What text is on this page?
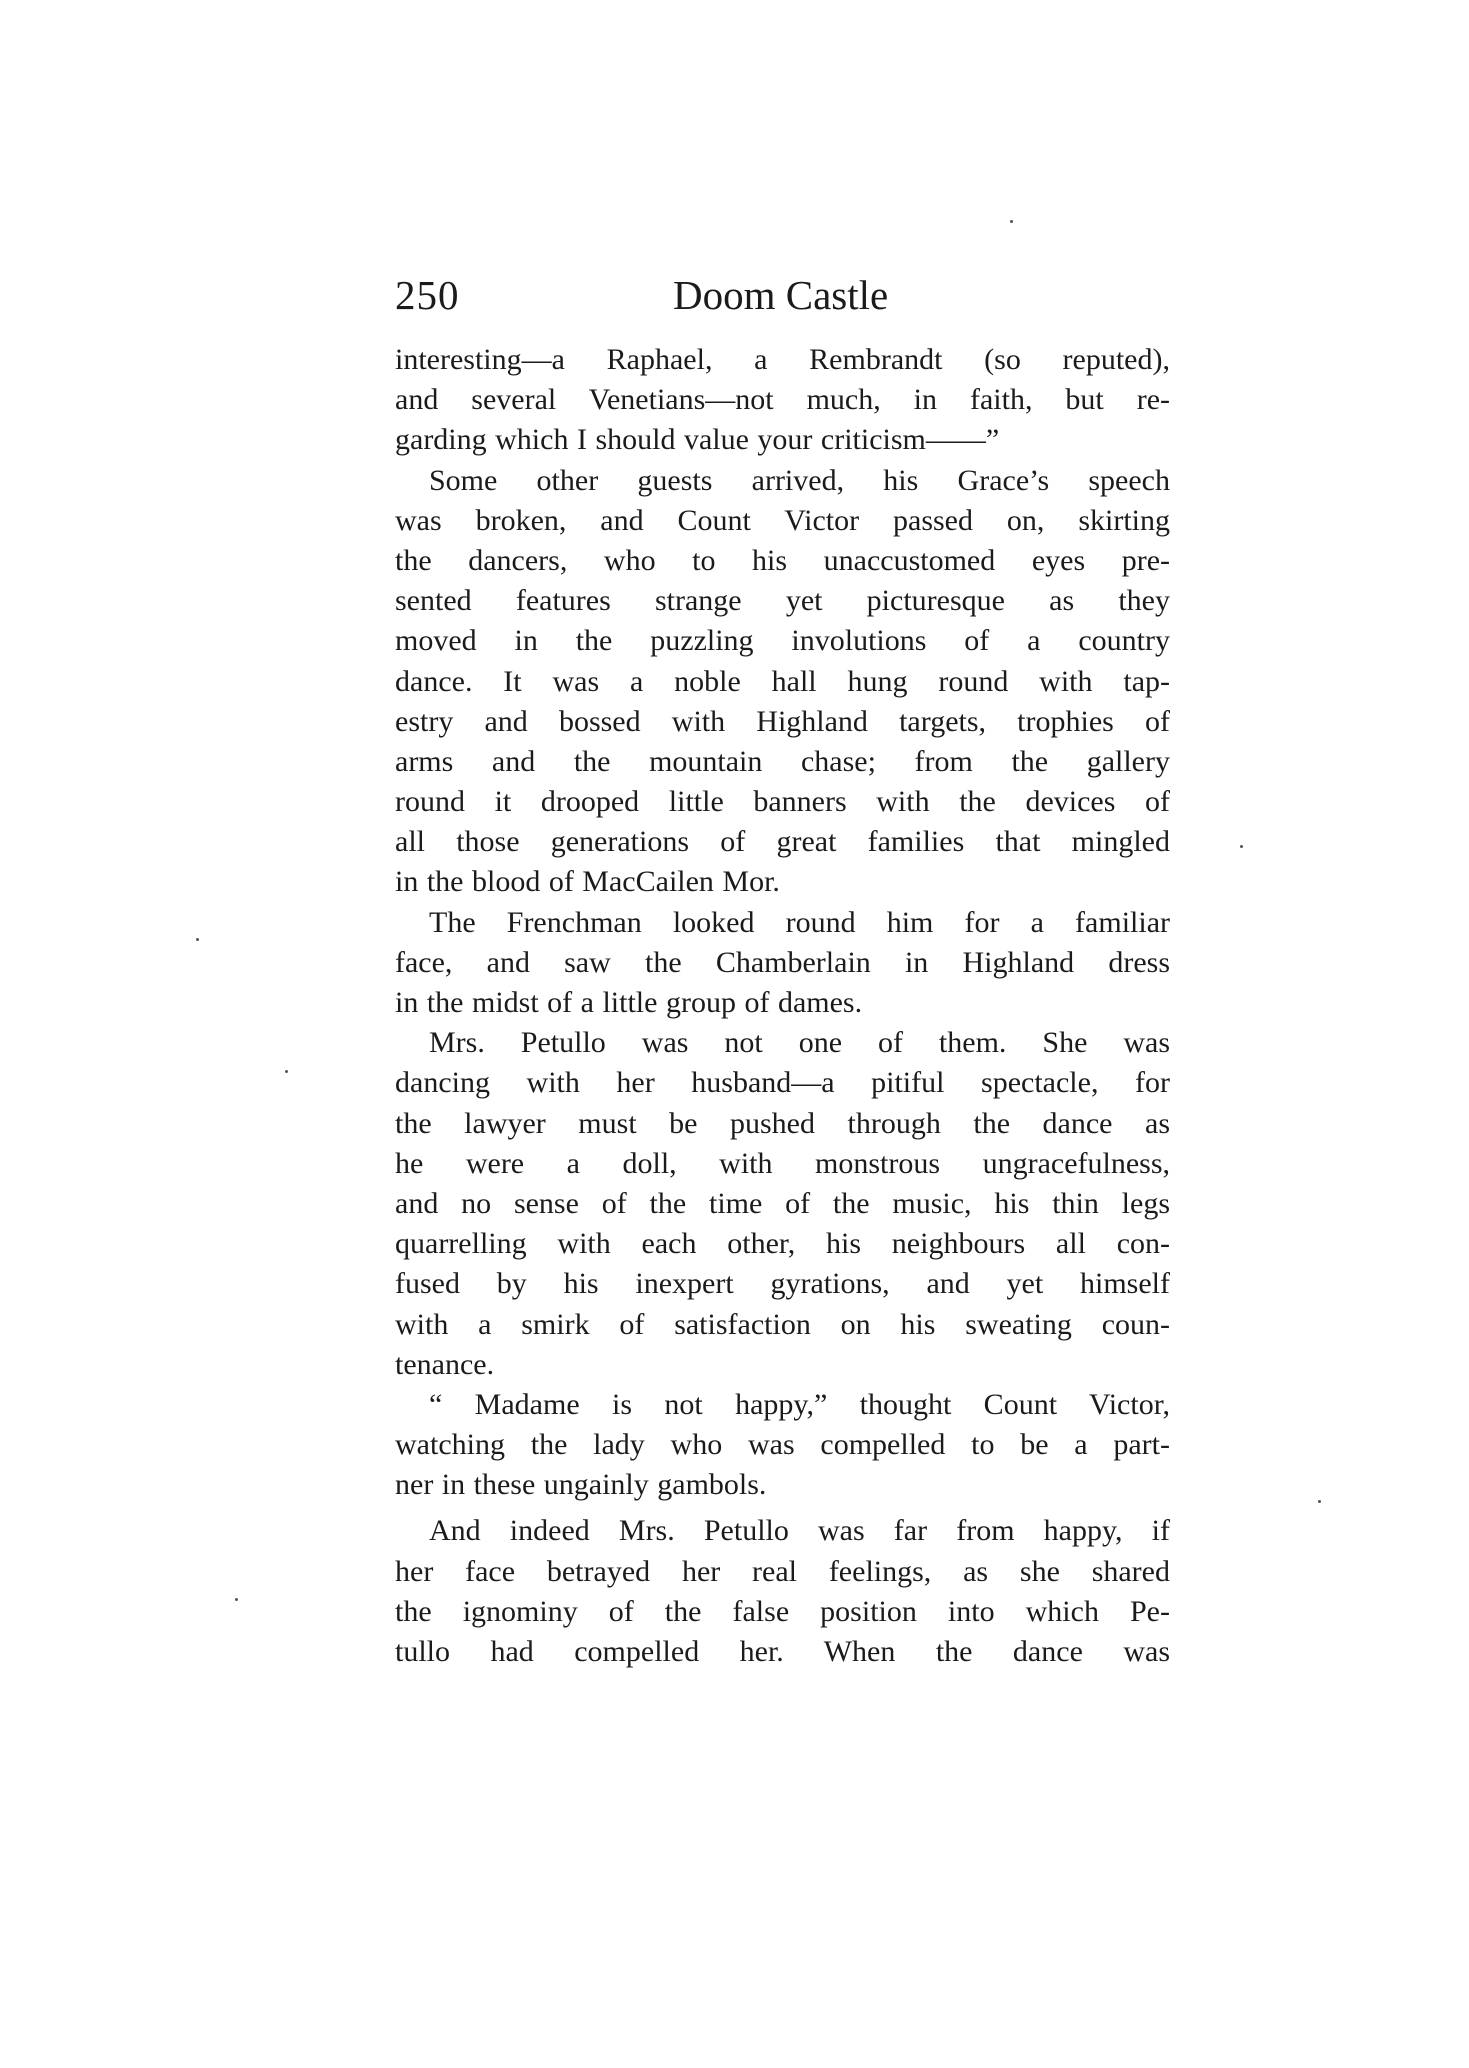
250	Doom Castle
interesting—a Raphael, a Rembrandt (so reputed),
and several Venetians—not much, in faith, but re-
garding which I should value your criticism——”
Some other guests arrived, his Grace’s speech
was broken, and Count Victor passed on, skirting
the dancers, who to his unaccustomed eyes pre-
sented features strange yet picturesque as they
moved in the puzzling involutions of a country
dance. It was a noble hall hung round with tap-
estry and bossed with Highland targets, trophies of
arms and the mountain chase; from the gallery
round it drooped little banners with the devices of
all those generations of great families that mingled
in the blood of MacCailen Mor.
The Frenchman looked round him for a familiar
face, and saw the Chamberlain in Highland dress
in the midst of a little group of dames.
Mrs. Petullo was not one of them. She was
dancing with her husband—a pitiful spectacle, for
the lawyer must be pushed through the dance as
he were a doll, with monstrous ungracefulness,
and no sense of the time of the music, his thin legs
quarrelling with each other, his neighbours all con-
fused by his inexpert gyrations, and yet himself
with a smirk of satisfaction on his sweating coun-
tenance.
“ Madame is not happy,” thought Count Victor,
watching the lady who was compelled to be a part-
ner in these ungainly gambols.
And indeed Mrs. Petullo was far from happy, if
her face betrayed her real feelings, as she shared
the ignominy of the false position into which Pe-
tullo had compelled her. When the dance was
